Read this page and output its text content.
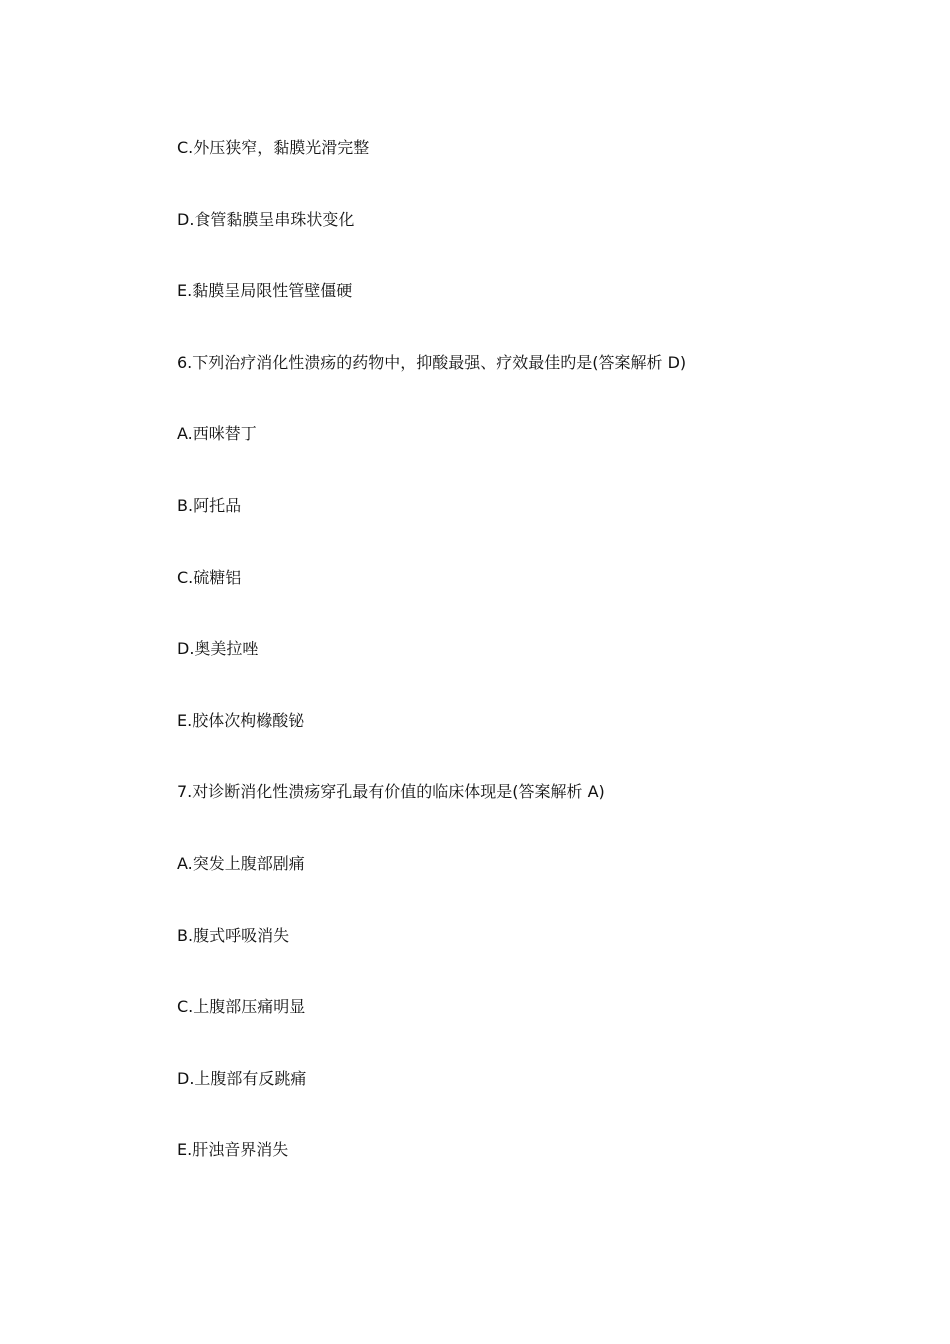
C.外压狭窄，黏膜光滑完整
D.食管黏膜呈串珠状变化
E.黏膜呈局限性管壁僵硬
6.下列治疗消化性溃疡的药物中，抑酸最强、疗效最佳旳是(答案解析 D)
A.西咪替丁
B.阿托品
C.硫糖铝
D.奥美拉唑
E.胶体次枸橼酸铋
7.对诊断消化性溃疡穿孔最有价值的临床体现是(答案解析 A)
A.突发上腹部剧痛
B.腹式呼吸消失
C.上腹部压痛明显
D.上腹部有反跳痛
E.肝浊音界消失
